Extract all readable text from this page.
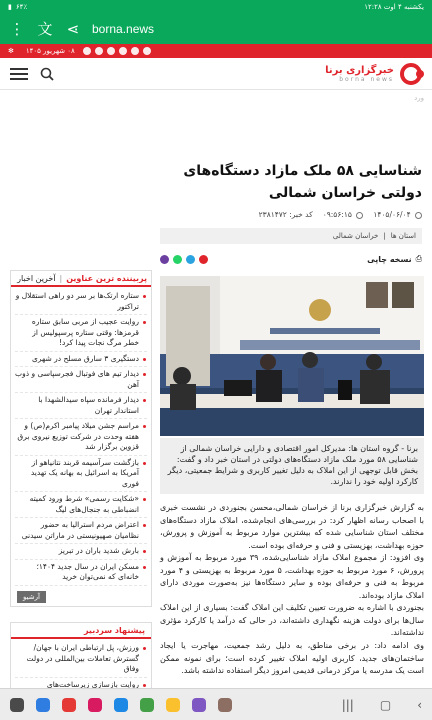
یکشنبه ۴ اوت ۱۲:۲۸
▮ ۶۴٪
⋮ 文 ⋖ borna.news
✻ ۰۸ شهریور ۱۴۰۵
خبرگزاری برنا
borna news
ورد
شناسایی ۵۸ ملک مازاد دستگاه‌های دولتی خراسان شمالی
۱۴۰۵/۰۶/۰۴
۰۹:۵۶:۱۵
کد خبر: ۲۳۸۱۴۷۲
استان ها
|
خراسان شمالی
⎙
نسخه چاپی
برنا - گروه استان ها: مدیرکل امور اقتصادی و دارایی خراسان شمالی از شناسایی ۵۸ مورد ملک مازاد دستگاه‌های دولتی در استان خبر داد و گفت: بخش قابل توجهی از این املاک به دلیل تغییر کاربری و شرایط جمعیتی، دیگر کارکرد اولیه خود را ندارند.

به گزارش خبرگزاری برنا از خراسان شمالی،محسن بجنوردی در نشست خبری با اصحاب رسانه اظهار کرد: در بررسی‌های انجام‌شده، املاک مازاد دستگاه‌های مختلف استان شناسایی شده که بیشترین موارد مربوط به آموزش و پرورش، حوزه بهداشت، بهزیستی و فنی و حرفه‌ای بوده است.

وی افزود: از مجموع املاک مازاد شناسایی‌شده، ۳۹ مورد مربوط به آموزش و پرورش، ۶ مورد مربوط به حوزه بهداشت، ۵ مورد مربوط به بهزیستی و ۴ مورد مربوط به فنی و حرفه‌ای بوده و سایر دستگاه‌ها نیز به‌صورت موردی دارای املاک مازاد بوده‌اند.

بجنوردی با اشاره به ضرورت تعیین تکلیف این املاک گفت: بسیاری از این املاک سال‌ها برای دولت هزینه نگهداری داشته‌اند، در حالی که درآمد یا کارکرد مؤثری نداشته‌اند.

وی ادامه داد: در برخی مناطق، به دلیل رشد جمعیت، مهاجرت یا ایجاد ساختمان‌های جدید، کاربری اولیه املاک تغییر کرده است؛ برای نمونه ممکن است یک مدرسه یا مرکز درمانی قدیمی امروز دیگر استفاده نداشته باشد.

پربیننده ترین عناوین
|
آخرین اخبار
ستاره ارتک‌ها بر سر دو راهی استقلال و تراکتور
روایت عجیب از مربی سابق ستاره قرمزها: وقتی ستاره پرسپولیس از خطر مرگ نجات پیدا کرد!
دستگیری ۳ سارق مسلح در شهری
دیدار تیم های فوتبال فجرسپاسی و ذوب آهن
دیدار فرمانده سپاه سیدالشهدا با استاندار تهران
مراسم جشن میلاد پیامبر اکرم(ص) و هفته وحدت در شرکت توزیع نیروی برق قزوین برگزار شد
بازگشت سرآسیمه قربند نتانیاهو از آمریکا به اسرائیل به بهانه یک تهدید فوری
«شکایت رسمی» شرط ورود کمیته انضباطی به جنجال‌های لیگ
اعتراض مردم استرالیا به حضور نظامیان صهیونیستی در ماراتن سیدنی
بارش شدید باران در تبریز
مسکن ایران در سال جدید ۱۴۰۴؛ خانه‌ای که نمی‌توان خرید
آرشیو
پیشنهاد سردبیر
ورزش، پل ارتباطی ایران با جهان/ گسترش تعاملات بین‌المللی در دولت وفاق
روایت بازسازی زیرساخت‌های
||| ▢ ‹
